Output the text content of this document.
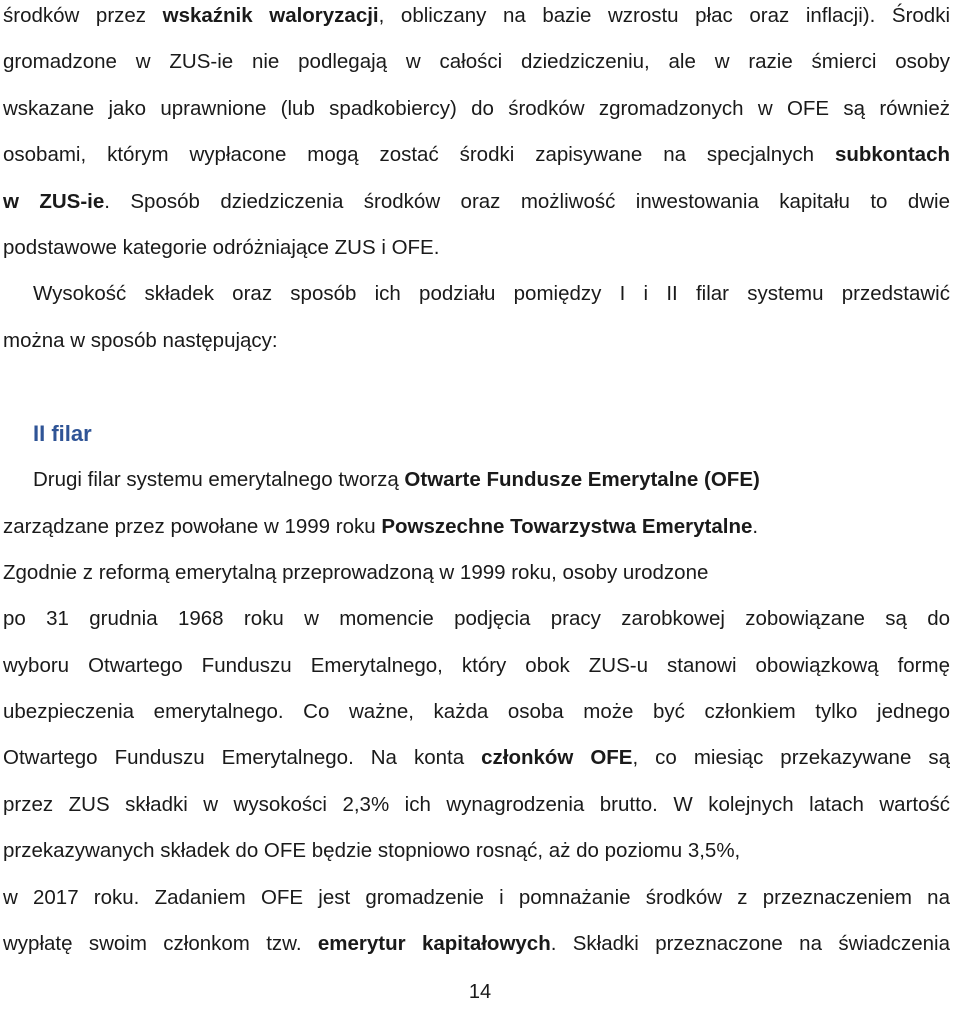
środków przez wskaźnik waloryzacji, obliczany na bazie wzrostu płac oraz inflacji). Środki
gromadzone w ZUS-ie nie podlegają w całości dziedziczeniu, ale w razie śmierci osoby
wskazane jako uprawnione (lub spadkobiercy) do środków zgromadzonych w OFE są również
osobami, którym wypłacone mogą zostać środki zapisywane na specjalnych subkontach
w ZUS-ie. Sposób dziedziczenia środków oraz możliwość inwestowania kapitału to dwie
podstawowe kategorie odróżniające ZUS i OFE.
Wysokość składek oraz sposób ich podziału pomiędzy I i II filar systemu przedstawić
można w sposób następujący:
II filar
Drugi filar systemu emerytalnego tworzą Otwarte Fundusze Emerytalne (OFE)
zarządzane przez powołane w 1999 roku Powszechne Towarzystwa Emerytalne.
Zgodnie z reformą emerytalną przeprowadzoną w 1999 roku, osoby urodzone
po 31 grudnia 1968 roku w momencie podjęcia pracy zarobkowej zobowiązane są do
wyboru Otwartego Funduszu Emerytalnego, który obok ZUS-u stanowi obowiązkową formę
ubezpieczenia emerytalnego. Co ważne, każda osoba może być członkiem tylko jednego
Otwartego Funduszu Emerytalnego. Na konta członków OFE, co miesiąc przekazywane są
przez ZUS składki w wysokości 2,3% ich wynagrodzenia brutto. W kolejnych latach wartość
przekazywanych składek do OFE będzie stopniowo rosnąć, aż do poziomu 3,5%,
w 2017 roku. Zadaniem OFE jest gromadzenie i pomnażanie środków z przeznaczeniem na
wypłatę swoim członkom tzw. emerytur kapitałowych. Składki przeznaczone na świadczenia
14
